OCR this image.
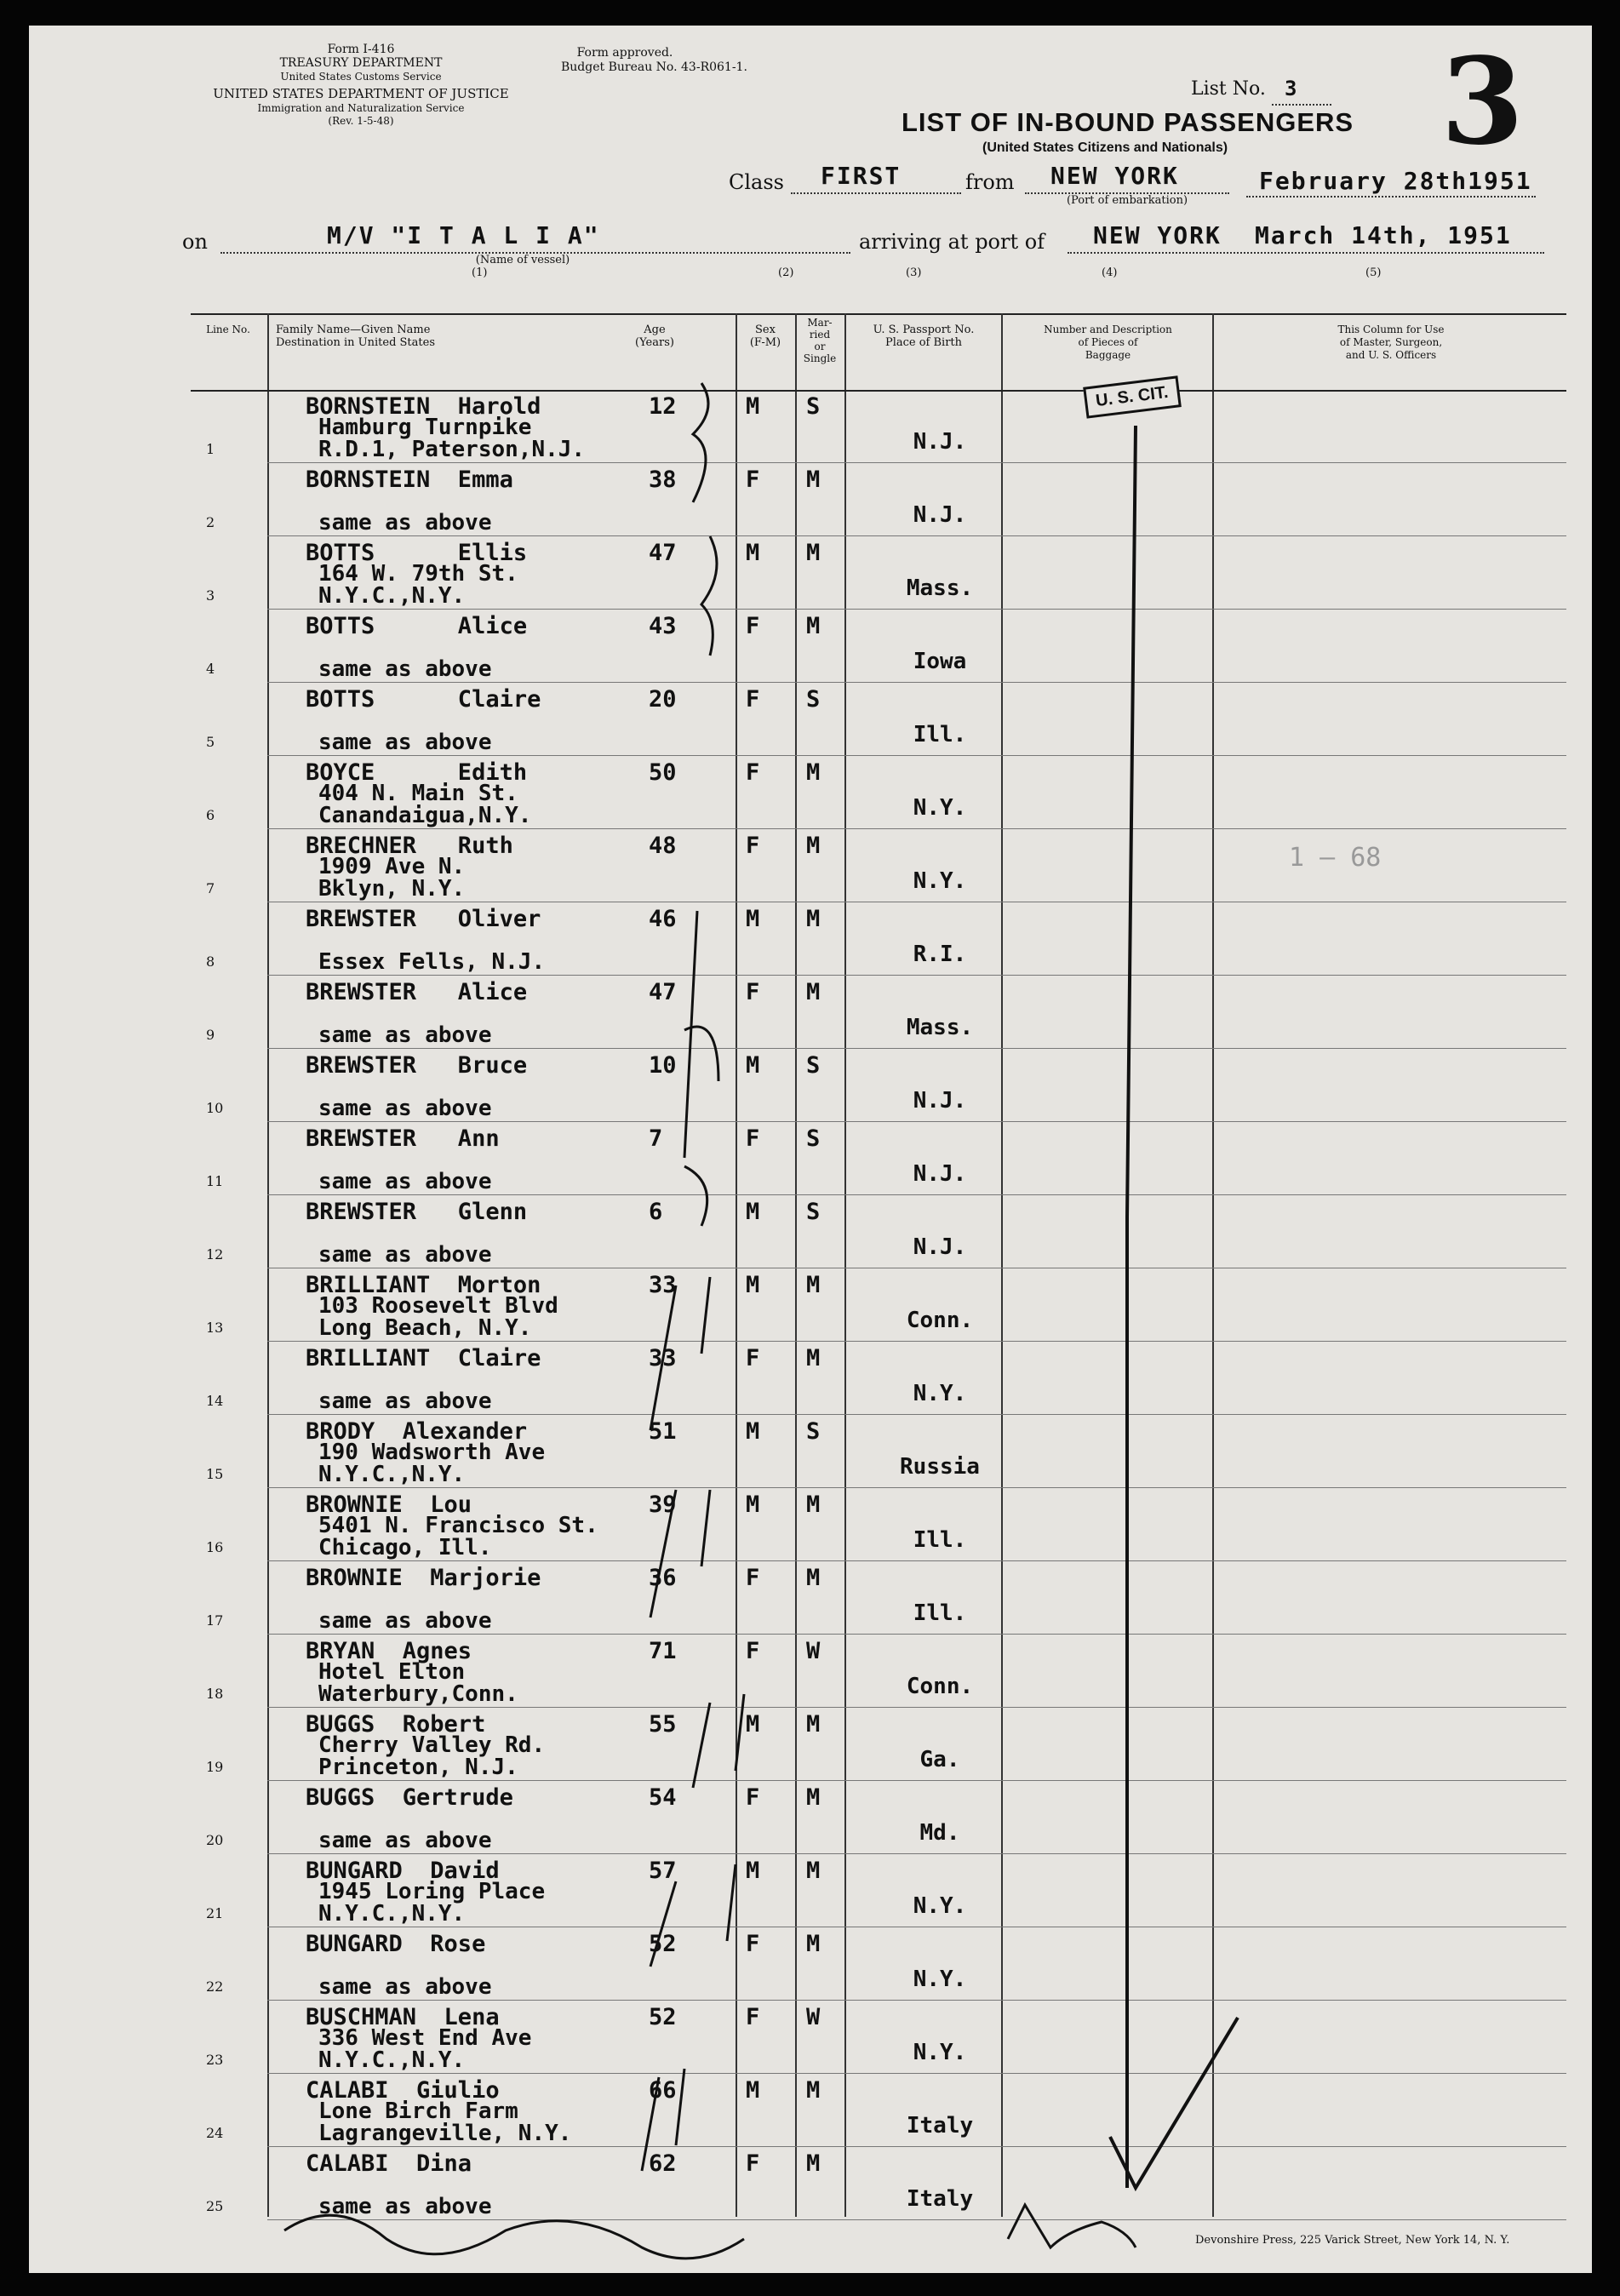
Form I-416
TREASURY DEPARTMENT
United States Customs Service
UNITED STATES DEPARTMENT OF JUSTICE
Immigration and Naturalization Service
(Rev. 1-5-48)
Form approved.
Budget Bureau No. 43-R061-1.
List No. 3 3
LIST OF IN-BOUND PASSENGERS
(United States Citizens and Nationals)
Class FIRST	from NEW YORK
(Port of embarkation)
February 28th1951
on	M/V "I T A L I A"
(Name of vessel)
arriving at port of NEW YORK March 14th, 1951
(1)	(2)	(3)	(4)	(5)
Line No.	Family Name—Given Name
Destination in United States
Age
(Years)
Sex
(F-M)
Mar-
ried
or
Single
U. S. Passport No.
Place of Birth
Number and Description
of Pieces of
Baggage
This Column for Use
of Master, Surgeon,
and U. S. Officers
1
BORNSTEIN  Harold
Hamburg Turnpike
R.D.1, Paterson,N.J.
12	M S
N.J.
2
BORNSTEIN  Emma
same as above
38	F M
N.J.
3
BOTTS      Ellis
164 W. 79th St.
N.Y.C.,N.Y.
47	M M
Mass.
4
BOTTS      Alice
same as above
43	F M
Iowa
5
BOTTS      Claire
same as above
20	F S
Ill.
6
BOYCE      Edith
404 N. Main St.
Canandaigua,N.Y.
50	F M
N.Y.
7
BRECHNER   Ruth
1909 Ave N.
Bklyn, N.Y.
48	F M
N.Y.
8
BREWSTER   Oliver
Essex Fells, N.J.
46	M M
R.I.
9
BREWSTER   Alice
same as above
47	F M
Mass.
10
BREWSTER   Bruce
same as above
10	M S
N.J.
11
BREWSTER   Ann
same as above
7	F S
N.J.
12
BREWSTER   Glenn
same as above
6	M S
N.J.
13
BRILLIANT  Morton
103 Roosevelt Blvd
Long Beach, N.Y.
33	M M
Conn.
14
BRILLIANT  Claire
same as above
33	F M
N.Y.
15
BRODY  Alexander
190 Wadsworth Ave
N.Y.C.,N.Y.
51	M S
Russia
16
BROWNIE  Lou
5401 N. Francisco St.
Chicago, Ill.
39	M M
Ill.
17
BROWNIE  Marjorie
same as above
36	F M
Ill.
18
BRYAN  Agnes
Hotel Elton
Waterbury,Conn.
71	F W
Conn.
19
BUGGS  Robert
Cherry Valley Rd.
Princeton, N.J.
55	M M
Ga.
20
BUGGS  Gertrude
same as above
54	F M
Md.
21
BUNGARD  David
1945 Loring Place
N.Y.C.,N.Y.
57	M M
N.Y.
22
BUNGARD  Rose
same as above
52	F M
N.Y.
23
BUSCHMAN  Lena
336 West End Ave
N.Y.C.,N.Y.
52	F W
N.Y.
24
CALABI  Giulio
Lone Birch Farm
Lagrangeville, N.Y.
66	M M
Italy
25
CALABI  Dina
same as above
62	F M
Italy
U. S. CIT.
1 — 68
Devonshire Press, 225 Varick Street, New York 14, N. Y.
